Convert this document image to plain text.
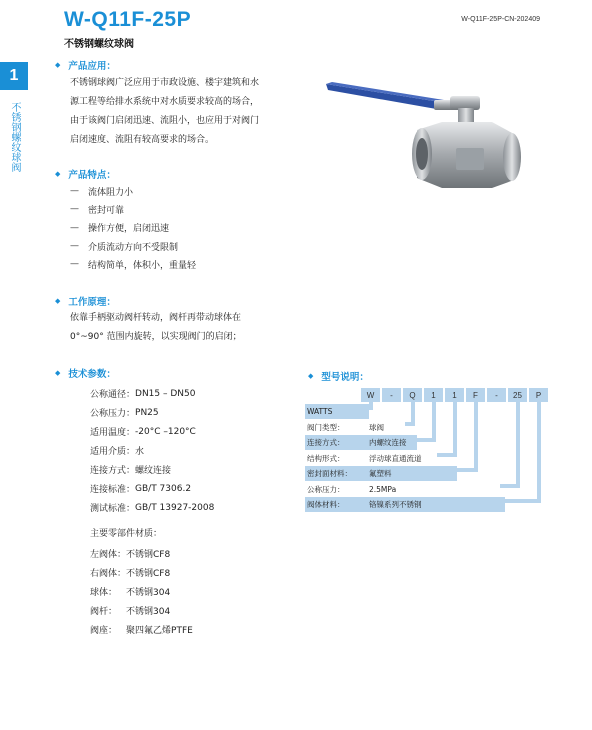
W-Q11F-25P
不锈钢螺纹球阀
W-Q11F-25P-CN-202409
1
不锈钢螺纹球阀
◆ 产品应用：
不锈钢球阀广泛应用于市政设施、楼宇建筑和水
源工程等给排水系统中对水质要求较高的场合，
由于该阀门启闭迅速、流阻小，也应用于对阀门
启闭速度、流阻有较高要求的场合。
◆ 产品特点：
—	流体阻力小
—	密封可靠
—	操作方便，启闭迅速
—	介质流动方向不受限制
—	结构简单，体积小，重量轻
◆ 工作原理：
依靠手柄驱动阀杆转动，阀杆再带动球体在
0°~90° 范围内旋转，以实现阀门的启闭；
◆ 技术参数：
公称通径： DN15 – DN50
公称压力： PN25
适用温度： -20°C –120°C
适用介质： 水
连接方式： 螺纹连接
连接标准： GB/T 7306.2
测试标准： GB/T 13927-2008
主要零部件材质：
左阀体： 不锈钢CF8
右阀体： 不锈钢CF8
球体：	不锈钢304
阀杆：	不锈钢304
阀座：	聚四氟乙烯PTFE
◆ 型号说明：
W	-	Q	1	1	F	-	25	P
WATTS
阀门类型：	球阀
连接方式：	内螺纹连接
结构形式：	浮动球直通流道
密封面材料：	氟塑料
公称压力：	2.5MPa
阀体材料：	铬镍系列不锈钢
